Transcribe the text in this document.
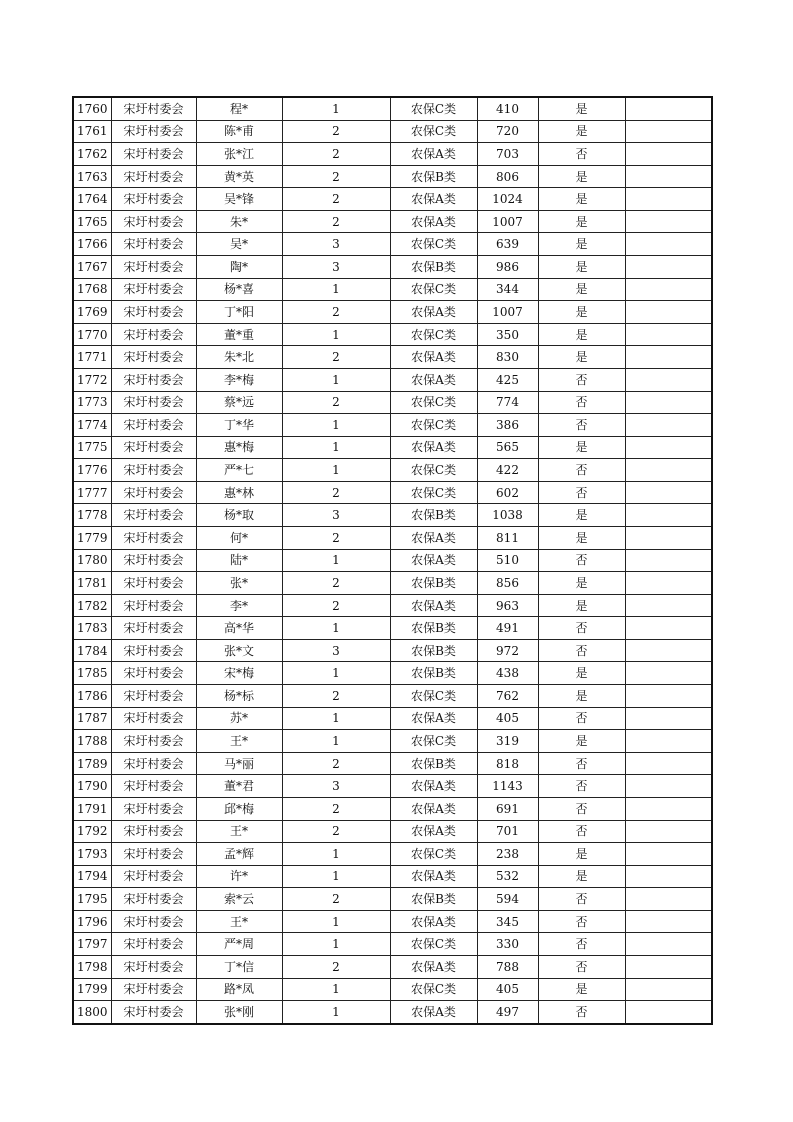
1760	宋圩村委会	程*	1	农保C类	410	是	
1761	宋圩村委会	陈*甫	2	农保C类	720	是	
1762	宋圩村委会	张*江	2	农保A类	703	否	
1763	宋圩村委会	黄*英	2	农保B类	806	是	
1764	宋圩村委会	吴*锋	2	农保A类	1024	是	
1765	宋圩村委会	朱*	2	农保A类	1007	是	
1766	宋圩村委会	吴*	3	农保C类	639	是	
1767	宋圩村委会	陶*	3	农保B类	986	是	
1768	宋圩村委会	杨*喜	1	农保C类	344	是	
1769	宋圩村委会	丁*阳	2	农保A类	1007	是	
1770	宋圩村委会	董*重	1	农保C类	350	是	
1771	宋圩村委会	朱*北	2	农保A类	830	是	
1772	宋圩村委会	李*梅	1	农保A类	425	否	
1773	宋圩村委会	蔡*远	2	农保C类	774	否	
1774	宋圩村委会	丁*华	1	农保C类	386	否	
1775	宋圩村委会	惠*梅	1	农保A类	565	是	
1776	宋圩村委会	严*七	1	农保C类	422	否	
1777	宋圩村委会	惠*林	2	农保C类	602	否	
1778	宋圩村委会	杨*取	3	农保B类	1038	是	
1779	宋圩村委会	何*	2	农保A类	811	是	
1780	宋圩村委会	陆*	1	农保A类	510	否	
1781	宋圩村委会	张*	2	农保B类	856	是	
1782	宋圩村委会	李*	2	农保A类	963	是	
1783	宋圩村委会	高*华	1	农保B类	491	否	
1784	宋圩村委会	张*文	3	农保B类	972	否	
1785	宋圩村委会	宋*梅	1	农保B类	438	是	
1786	宋圩村委会	杨*标	2	农保C类	762	是	
1787	宋圩村委会	苏*	1	农保A类	405	否	
1788	宋圩村委会	王*	1	农保C类	319	是	
1789	宋圩村委会	马*丽	2	农保B类	818	否	
1790	宋圩村委会	董*君	3	农保A类	1143	否	
1791	宋圩村委会	邱*梅	2	农保A类	691	否	
1792	宋圩村委会	王*	2	农保A类	701	否	
1793	宋圩村委会	孟*辉	1	农保C类	238	是	
1794	宋圩村委会	许*	1	农保A类	532	是	
1795	宋圩村委会	索*云	2	农保B类	594	否	
1796	宋圩村委会	王*	1	农保A类	345	否	
1797	宋圩村委会	严*周	1	农保C类	330	否	
1798	宋圩村委会	丁*信	2	农保A类	788	否	
1799	宋圩村委会	路*凤	1	农保C类	405	是	
1800	宋圩村委会	张*刚	1	农保A类	497	否	
